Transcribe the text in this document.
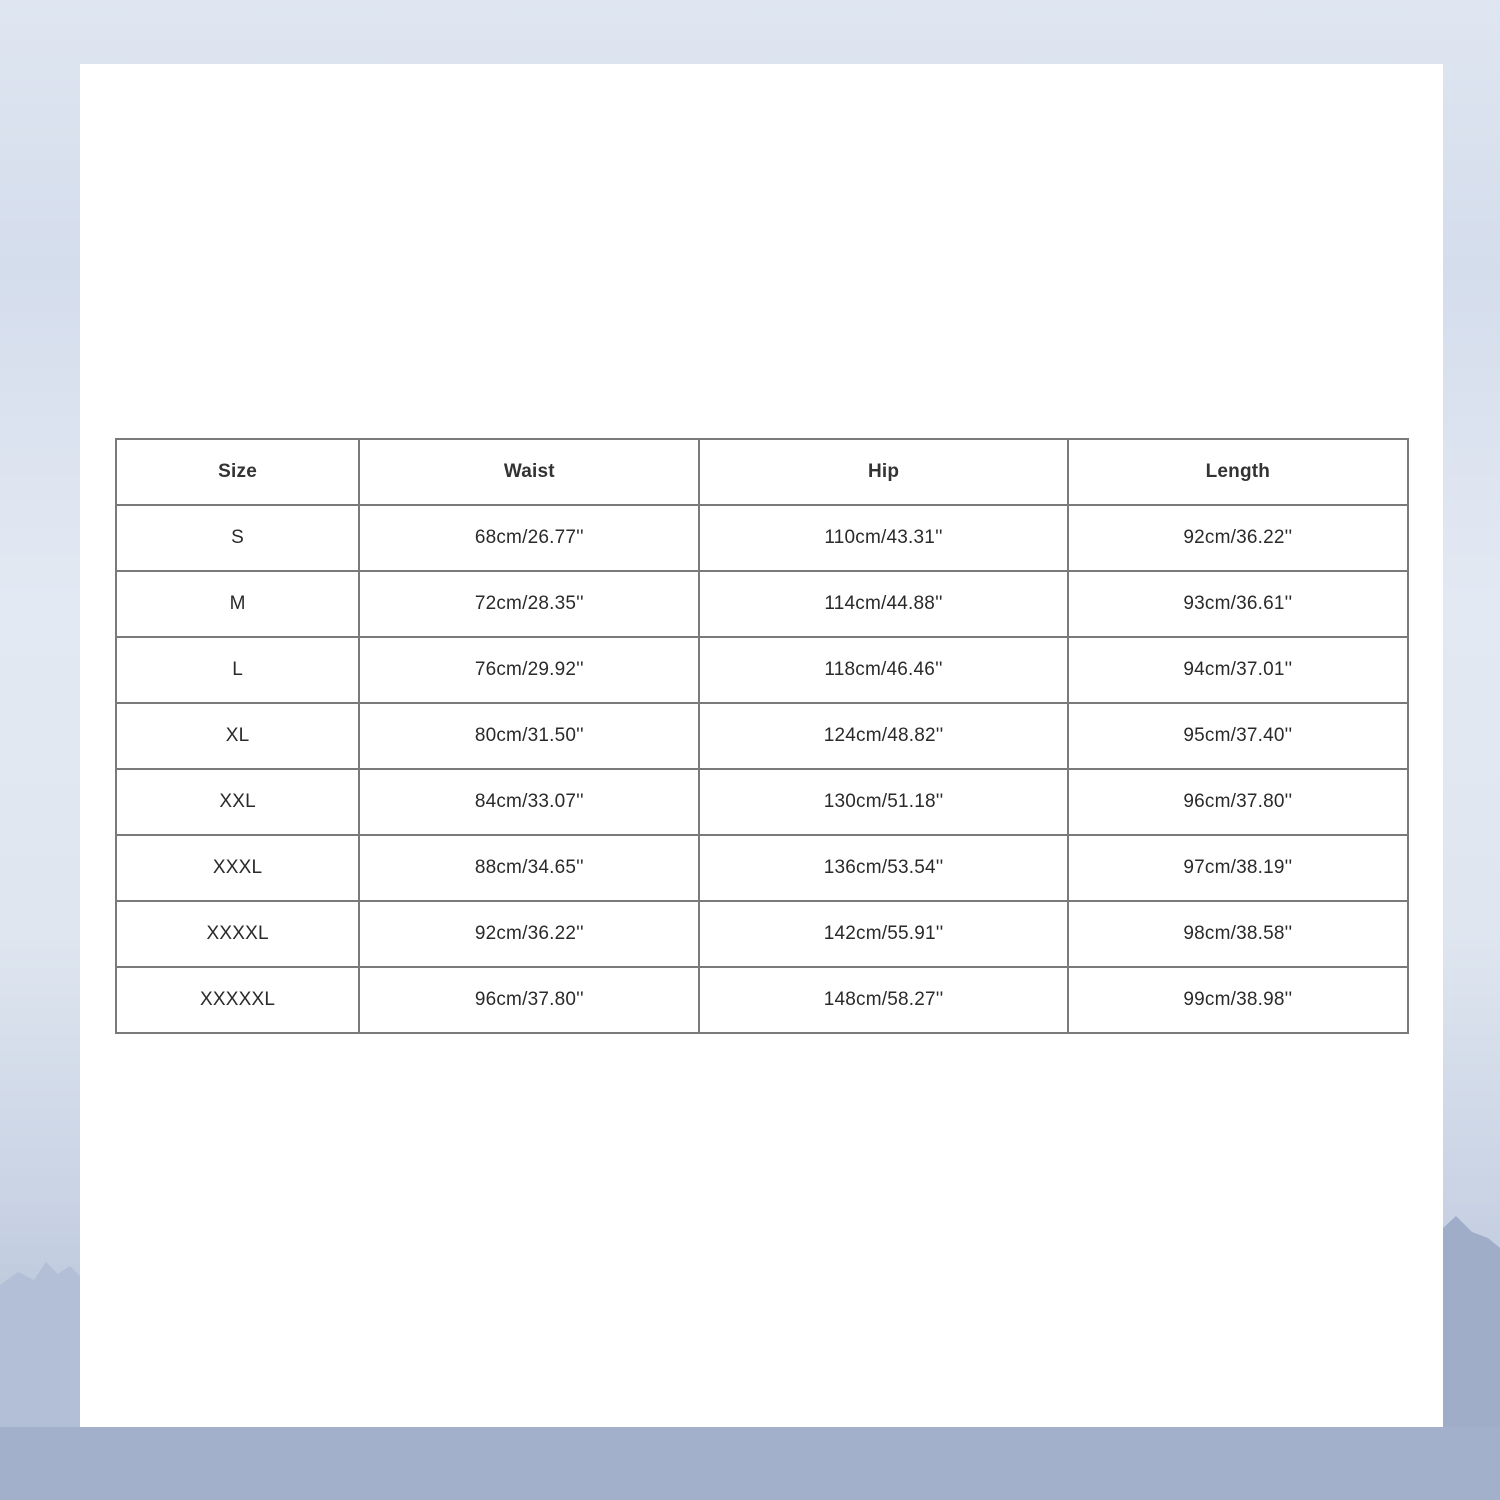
Size	Waist	Hip	Length
S	68cm/26.77''	110cm/43.31''	92cm/36.22''
M	72cm/28.35''	114cm/44.88''	93cm/36.61''
L	76cm/29.92''	118cm/46.46''	94cm/37.01''
XL	80cm/31.50''	124cm/48.82''	95cm/37.40''
XXL	84cm/33.07''	130cm/51.18''	96cm/37.80''
XXXL	88cm/34.65''	136cm/53.54''	97cm/38.19''
XXXXL	92cm/36.22''	142cm/55.91''	98cm/38.58''
XXXXXL	96cm/37.80''	148cm/58.27''	99cm/38.98''
